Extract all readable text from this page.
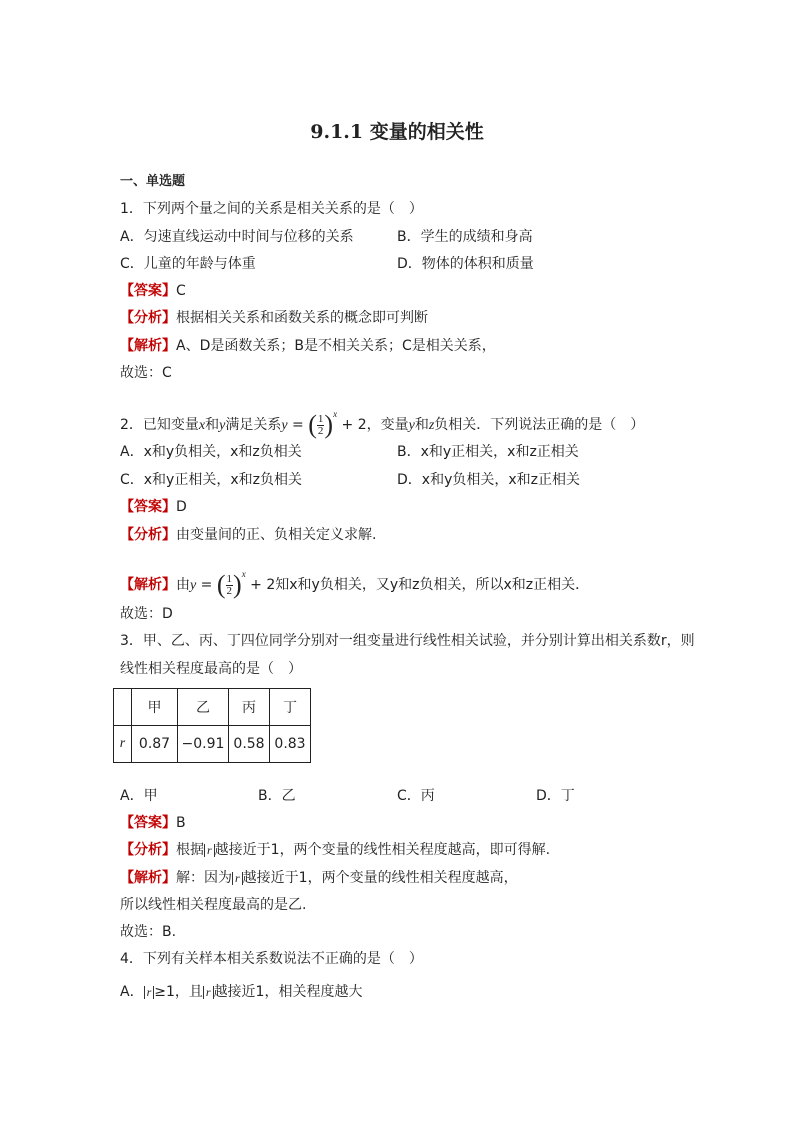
9.1.1 变量的相关性
一、单选题
1．下列两个量之间的关系是相关关系的是（　）
A．匀速直线运动中时间与位移的关系	B．学生的成绩和身高
C．儿童的年龄与体重	D．物体的体积和质量
【答案】C
【分析】根据相关关系和函数关系的概念即可判断
【解析】A、D是函数关系；B是不相关关系；C是相关关系，
故选：C
2．已知变量x和y满足关系y = ( $\frac{1}{2} )^x + 2$，变量y和z负相关．下列说法正确的是（　）
A．x和y负相关，x和z负相关	B．x和y正相关，x和z正相关
C．x和y正相关，x和z负相关	D．x和y负相关，x和z正相关
【答案】D
【分析】由变量间的正、负相关定义求解.
【解析】由y = ( $\frac{1}{2} )^x + 2$知x和y负相关，又y和z负相关，所以x和z正相关．
故选：D
3．甲、乙、丙、丁四位同学分别对一组变量进行线性相关试验，并分别计算出相关系数r，则
线性相关程度最高的是（　）
	甲	乙	丙	丁
r	0.87	−0.91	0.58	0.83
A．甲	B．乙	C．丙	D．丁
【答案】B
【分析】根据 r 越接近于1，两个变量的线性相关程度越高，即可得解.
【解析】解：因为 r 越接近于1，两个变量的线性相关程度越高，
所以线性相关程度最高的是乙.
故选：B.
4．下列有关样本相关系数说法不正确的是（　）
A． r ≥1，且 r 越接近1，相关程度越大
